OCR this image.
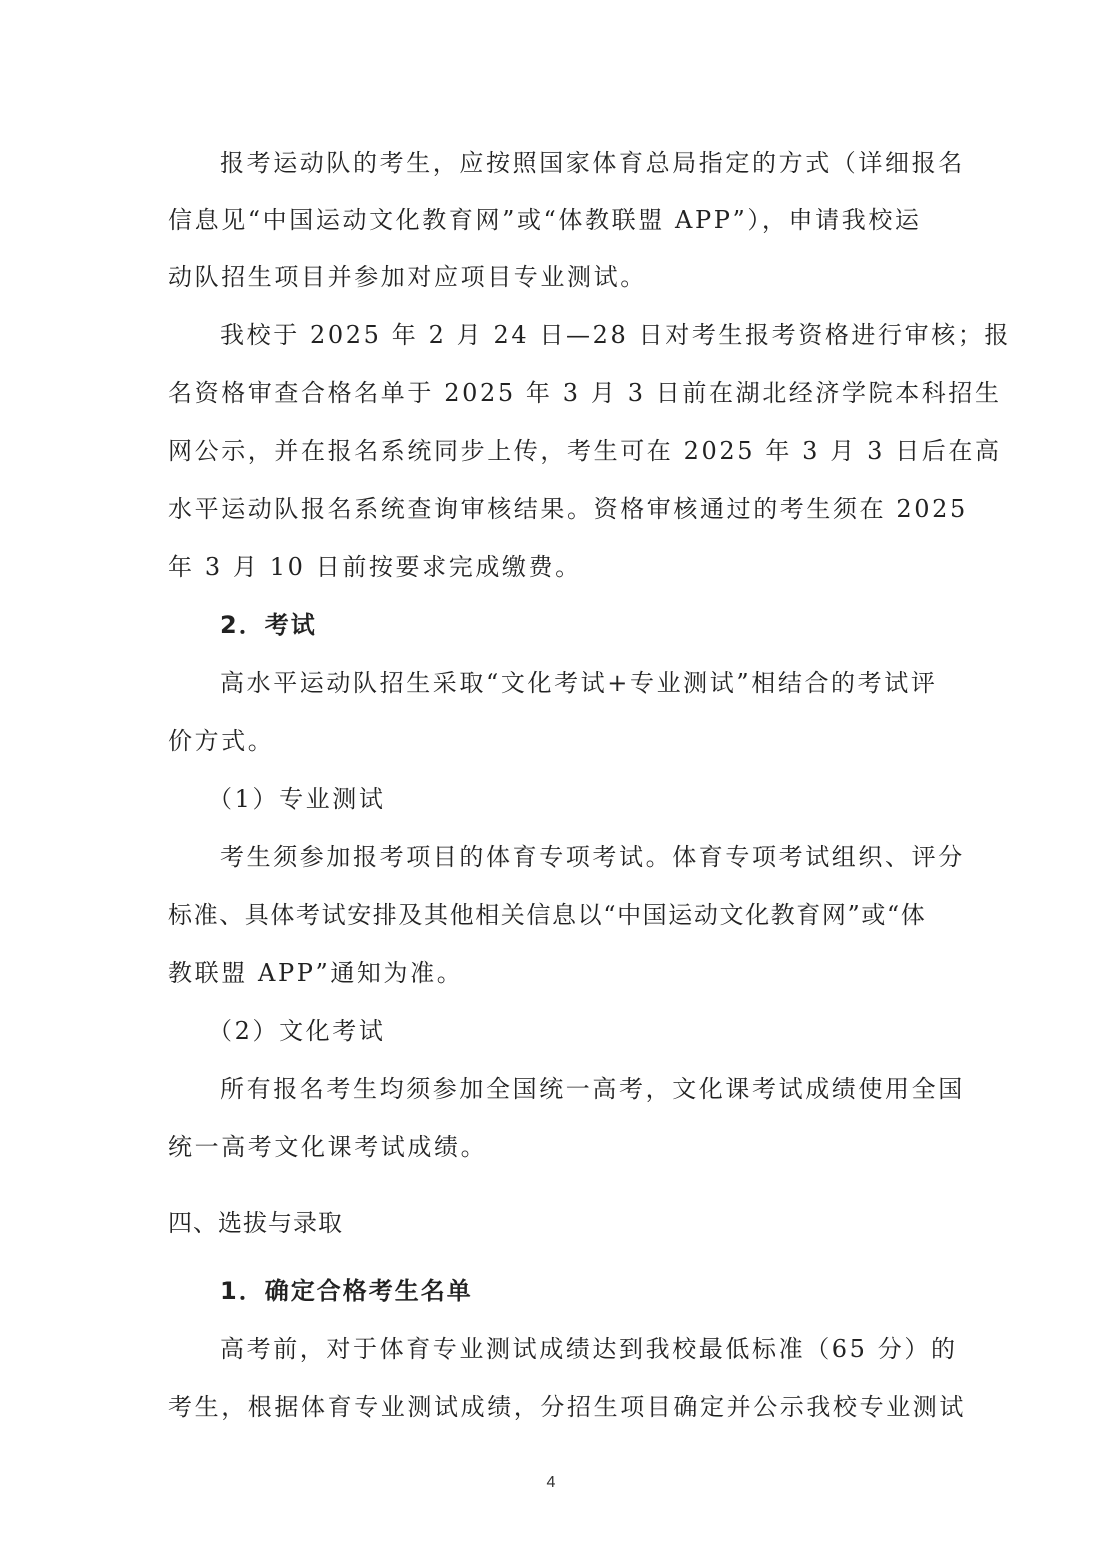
报考运动队的考生，应按照国家体育总局指定的方式（详细报名
信息见“中国运动文化教育网”或“体教联盟 APP”），申请我校运
动队招生项目并参加对应项目专业测试。
我校于 2025 年 2 月 24 日—28 日对考生报考资格进行审核；报
名资格审查合格名单于 2025 年 3 月 3 日前在湖北经济学院本科招生
网公示，并在报名系统同步上传，考生可在 2025 年 3 月 3 日后在高
水平运动队报名系统查询审核结果。资格审核通过的考生须在 2025
年 3 月 10 日前按要求完成缴费。
2．考试
高水平运动队招生采取“文化考试+专业测试”相结合的考试评
价方式。
（1）专业测试
考生须参加报考项目的体育专项考试。体育专项考试组织、评分
标准、具体考试安排及其他相关信息以“中国运动文化教育网”或“体
教联盟 APP”通知为准。
（2）文化考试
所有报名考生均须参加全国统一高考，文化课考试成绩使用全国
统一高考文化课考试成绩。
四、选拔与录取
1．确定合格考生名单
高考前，对于体育专业测试成绩达到我校最低标准（65 分）的
考生，根据体育专业测试成绩，分招生项目确定并公示我校专业测试
4
